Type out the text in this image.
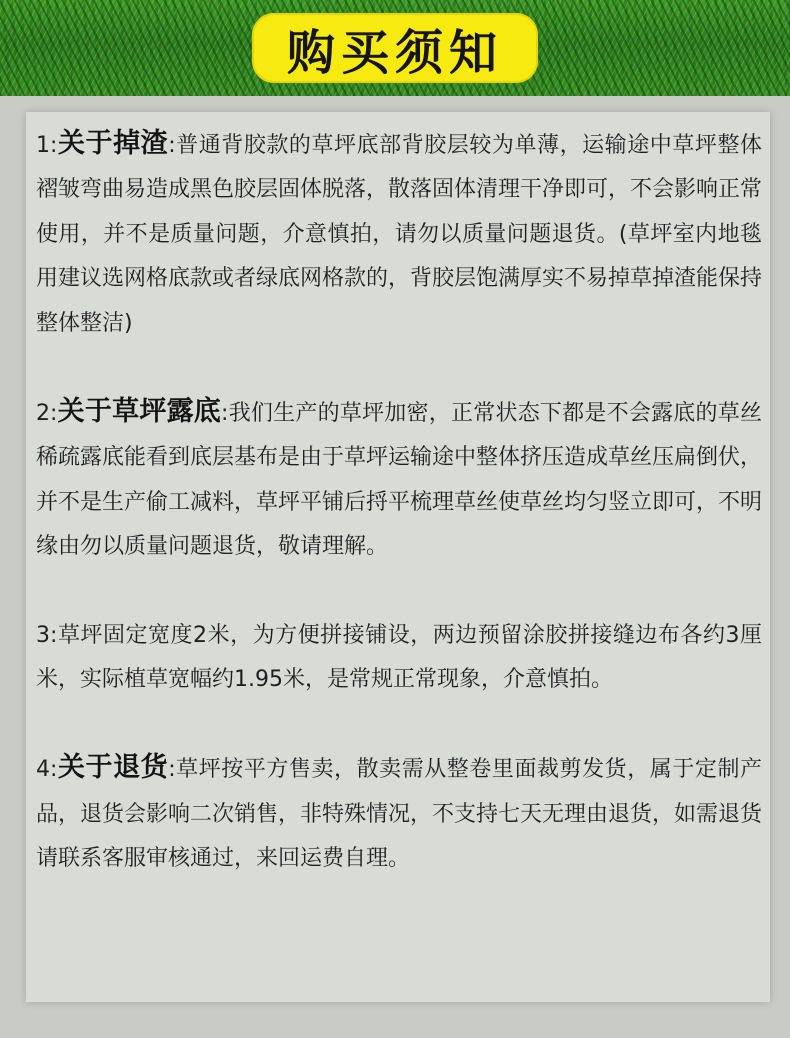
购买须知

1:关于掉渣:普通背胶款的草坪底部背胶层较为单薄，运输途中草坪整体褶皱弯曲易造成黑色胶层固体脱落，散落固体清理干净即可，不会影响正常使用，并不是质量问题，介意慎拍，请勿以质量问题退货。(草坪室内地毯用建议选网格底款或者绿底网格款的，背胶层饱满厚实不易掉草掉渣能保持整体整洁)

2:关于草坪露底:我们生产的草坪加密，正常状态下都是不会露底的草丝稀疏露底能看到底层基布是由于草坪运输途中整体挤压造成草丝压扁倒伏，并不是生产偷工减料，草坪平铺后捋平梳理草丝使草丝均匀竖立即可，不明缘由勿以质量问题退货，敬请理解。

3:草坪固定宽度2米，为方便拼接铺设，两边预留涂胶拼接缝边布各约3厘米，实际植草宽幅约1.95米，是常规正常现象，介意慎拍。

4:关于退货:草坪按平方售卖，散卖需从整卷里面裁剪发货，属于定制产品，退货会影响二次销售，非特殊情况，不支持七天无理由退货，如需退货请联系客服审核通过，来回运费自理。
